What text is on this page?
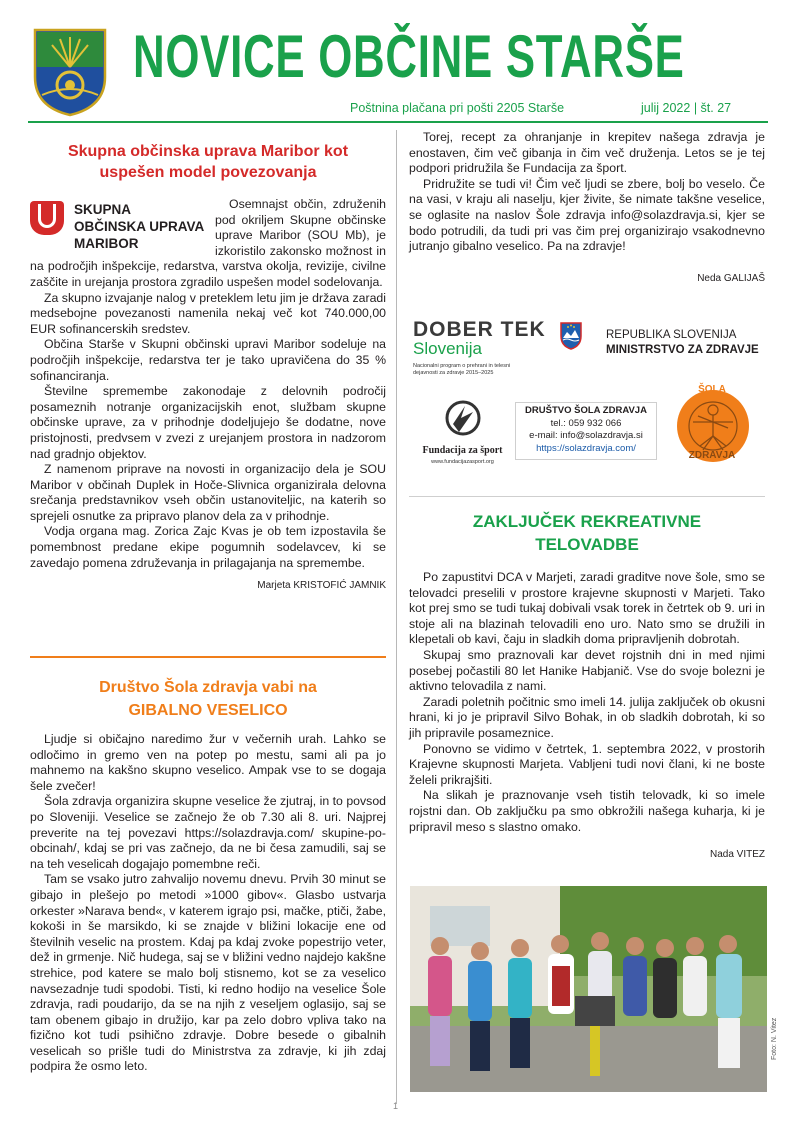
NOVICE OBČINE STARŠE
Poštnina plačana pri pošti 2205 Starše	julij 2022 | št. 27
Skupna občinska uprava Maribor kot
uspešen model povezovanja
SKUPNA
OBČINSKA UPRAVA
MARIBOR

Osemnajst občin, združenih pod okriljem Skupne občinske uprave Maribor (SOU Mb), je izkoristilo zakonsko možnost in na področjih inšpekcije, redarstva, varstva okolja, revizije, civilne zaščite in urejanja prostora zgradilo uspešen model sodelovanja.

Za skupno izvajanje nalog v preteklem letu jim je država zaradi medsebojne povezanosti namenila nekaj več kot 740.000,00 EUR sofinancerskih sredstev.

Občina Starše v Skupni občinski upravi Maribor sodeluje na področjih inšpekcije, redarstva ter je tako upravičena do 35 % sofinanciranja.

Številne spremembe zakonodaje z delovnih področij posameznih notranje organizacijskih enot, službam skupne občinske uprave, za v prihodnje dodeljujejo še dodatne, nove pristojnosti, predvsem v zvezi z urejanjem prostora in nadzorom nad gradnjo objektov.

Z namenom priprave na novosti in organizacijo dela je SOU Maribor v občinah Duplek in Hoče-Slivnica organizirala delovna srečanja predstavnikov vseh občin ustanoviteljic, na katerih so sprejeli osnutke za pripravo planov dela za v prihodnje.

Vodja organa mag. Zorica Zajc Kvas je ob tem izpostavila še pomembnost predane ekipe pogumnih sodelavcev, ki se zavedajo pomena združevanja in prilagajanja na spremembe.

Marjeta KRISTOFIĆ JAMNIK
Društvo Šola zdravja vabi na
GIBALNO VESELICO

Ljudje si običajno naredimo žur v večernih urah. Lahko se odločimo in gremo ven na potep po mestu, sami ali pa jo mahnemo na kakšno skupno veselico. Ampak vse to se dogaja šele zvečer!

Šola zdravja organizira skupne veselice že zjutraj, in to povsod po Sloveniji. Veselice se začnejo že ob 7.30 ali 8. uri. Najprej preverite na tej povezavi https://solazdravja.com/ skupine-po-obcinah/, kdaj se pri vas začnejo, da ne bi česa zamudili, saj se na teh veselicah dogajajo pomembne reči.

Tam se vsako jutro zahvalijo novemu dnevu. Prvih 30 minut se gibajo in plešejo po metodi »1000 gibov«. Glasbo ustvarja orkester »Narava bend«, v katerem igrajo psi, mačke, ptiči, žabe, kokoši in še marsikdo, ki se znajde v bližini lokacije ene od številnih veselic na prostem. Kdaj pa kdaj zvoke popestrijo veter, dež in grmenje. Nič hudega, saj se v bližini vedno najdejo kakšne strehice, pod katere se malo bolj stisnemo, kot se za veselico navsezadnje tudi spodobi. Tisti, ki redno hodijo na veselice Šole zdravja, radi poudarijo, da se na njih z veseljem oglasijo, saj se tam obenem gibajo in družijo, kar pa zelo dobro vpliva tako na fizično kot tudi psihično zdravje. Dobre besede o gibalnih veselicah so prišle tudi do Ministrstva za zdravje, ki jih zdaj podpira že osmo leto.

Torej, recept za ohranjanje in krepitev našega zdravja je enostaven, čim več gibanja in čim več druženja. Letos se je tej podpori pridružila še Fundacija za šport.

Pridružite se tudi vi! Čim več ljudi se zbere, bolj bo veselo. Če na vasi, v kraju ali naselju, kjer živite, še nimate takšne veselice, se oglasite na naslov Šole zdravja info@solazdravja.si, kjer se bodo potrudili, da tudi pri vas čim prej organizirajo vsakodnevno jutranjo gibalno veselico. Pa na zdravje!

Neda GALIJAŠ
DOBER TEK
Slovenija
Nacionalni program o prehrani in telesni dejavnosti za zdravje 2015–2025
REPUBLIKA SLOVENIJA
MINISTRSTVO ZA ZDRAVJE
Fundacija za šport
www.fundacijazasport.org
DRUŠTVO ŠOLA ZDRAVJA
tel.: 059 932 066
e-mail: info@solazdravja.si
https://solazdravja.com/
ŠOLA
ZDRAVJA
ZAKLJUČEK REKREATIVNE
TELOVADBE

Po zapustitvi DCA v Marjeti, zaradi graditve nove šole, smo se telovadci preselili v prostore krajevne skupnosti v Marjeti. Tako kot prej smo se tudi tukaj dobivali vsak torek in četrtek ob 9. uri in stoje ali na blazinah telovadili eno uro. Nato smo se družili in klepetali ob kavi, čaju in sladkih doma pripravljenih dobrotah.

Skupaj smo praznovali kar devet rojstnih dni in med njimi posebej počastili 80 let Hanike Habjanič. Vse do svoje bolezni je aktivno telovadila z nami.

Zaradi poletnih počitnic smo imeli 14. julija zaključek ob okusni hrani, ki jo je pripravil Silvo Bohak, in ob sladkih dobrotah, ki so jih pripravile posameznice.

Ponovno se vidimo v četrtek, 1. septembra 2022, v prostorih Krajevne skupnosti Marjeta. Vabljeni tudi novi člani, ki ne boste želeli prikrajšiti.

Na slikah je praznovanje vseh tistih telovadk, ki so imele rojstni dan. Ob zaključku pa smo obkrožili našega kuharja, ki je pripravil meso s slastno omako.

Nada VITEZ
Foto: N. Vitez
1
